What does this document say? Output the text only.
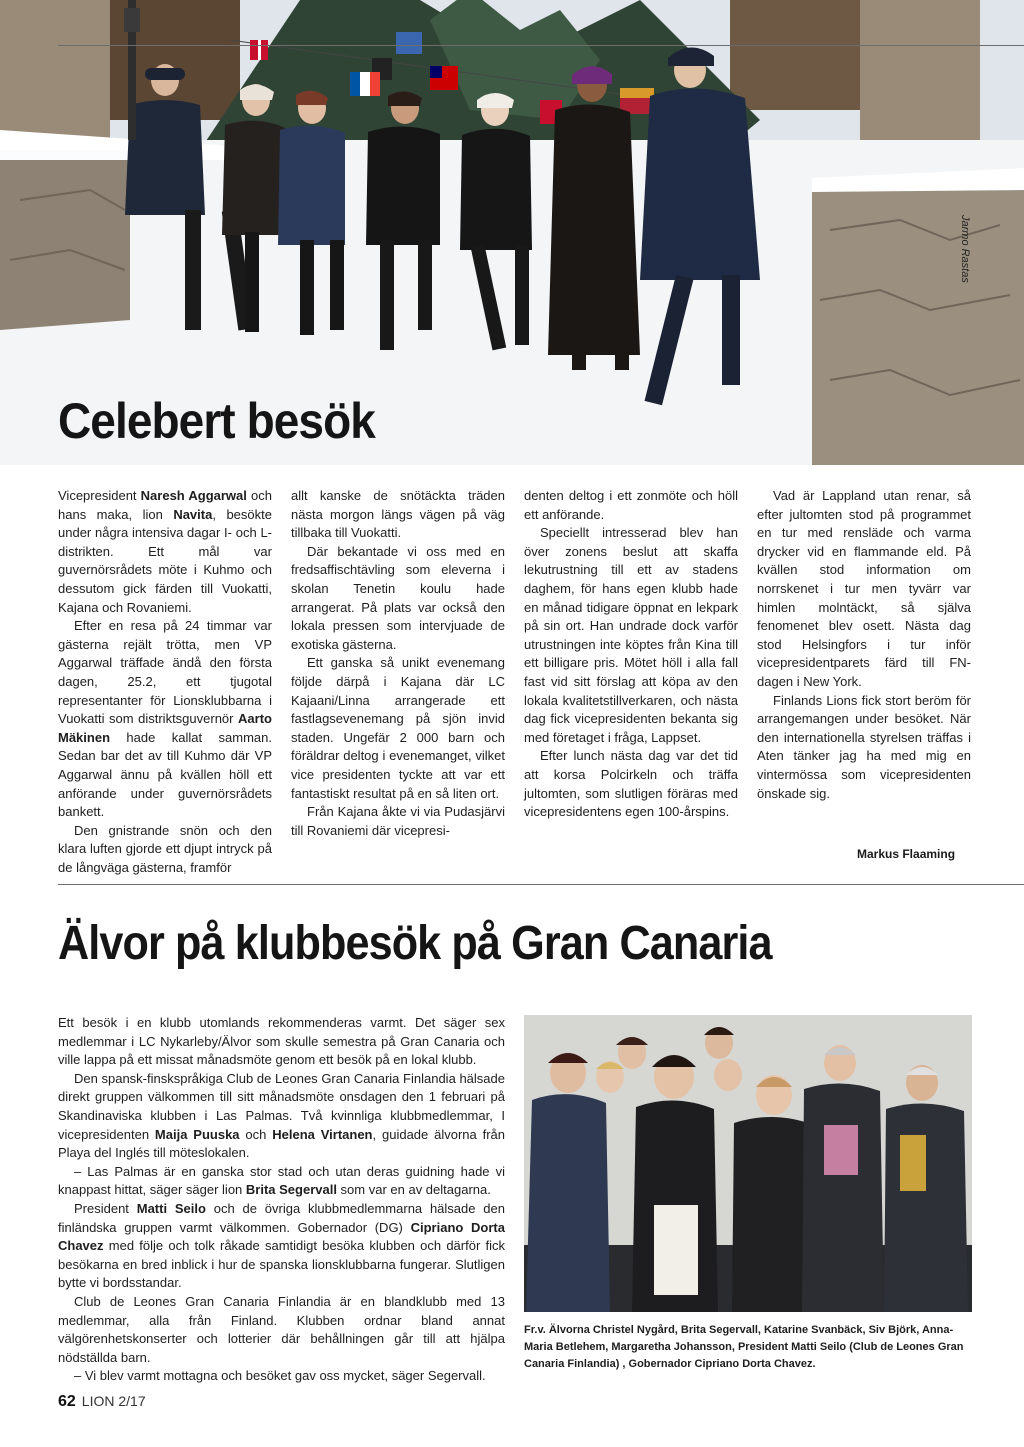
Jarmo Rastas
Celebert besök

Vicepresident Naresh Aggarwal och hans maka, lion Navita, besökte under några intensiva dagar I- och L-distrikten. Ett mål var guvernörsrådets möte i Kuhmo och dessutom gick färden till Vuokatti, Kajana och Rovaniemi.

Efter en resa på 24 timmar var gästerna rejält trötta, men VP Aggarwal träffade ändå den första dagen, 25.2, ett tjugotal representanter för Lionsklubbarna i Vuokatti som distriktsguvernör Aarto Mäkinen hade kallat samman. Sedan bar det av till Kuhmo där VP Aggarwal ännu på kvällen höll ett anförande under guvernörsrådets bankett.

Den gnistrande snön och den klara luften gjorde ett djupt intryck på de långväga gästerna, framför

allt kanske de snötäckta träden nästa morgon längs vägen på väg tillbaka till Vuokatti.

Där bekantade vi oss med en fredsaffischtävling som eleverna i skolan Tenetin koulu hade arrangerat. På plats var också den lokala pressen som intervjuade de exotiska gästerna.

Ett ganska så unikt evenemang följde därpå i Kajana där LC Kajaani/Linna arrangerade ett fastlagsevenemang på sjön invid staden. Ungefär 2 000 barn och föräldrar deltog i evenemanget, vilket vice presidenten tyckte att var ett fantastiskt resultat på en så liten ort.

Från Kajana åkte vi via Pudasjärvi till Rovaniemi där vicepresi-

denten deltog i ett zonmöte och höll ett anförande.

Speciellt intresserad blev han över zonens beslut att skaffa lekutrustning till ett av stadens daghem, för hans egen klubb hade en månad tidigare öppnat en lekpark på sin ort. Han undrade dock varför utrustningen inte köptes från Kina till ett billigare pris. Mötet höll i alla fall fast vid sitt förslag att köpa av den lokala kvalitetstillverkaren, och nästa dag fick vicepresidenten bekanta sig med företaget i fråga, Lappset.

Efter lunch nästa dag var det tid att korsa Polcirkeln och träffa jultomten, som slutligen föräras med vicepresidentens egen 100-årspins.

Vad är Lappland utan renar, så efter jultomten stod på programmet en tur med rensläde och varma drycker vid en flammande eld. På kvällen stod information om norrskenet i tur men tyvärr var himlen molntäckt, så själva fenomenet blev osett. Nästa dag stod Helsingfors i tur inför vicepresidentparets färd till FN-dagen i New York.

Finlands Lions fick stort beröm för arrangemangen under besöket. När den internationella styrelsen träffas i Aten tänker jag ha med mig en vintermössa som vicepresidenten önskade sig.

Markus Flaaming
Älvor på klubbesök på Gran Canaria

Ett besök i en klubb utomlands rekommenderas varmt. Det säger sex medlemmar i LC Nykarleby/Älvor som skulle semestra på Gran Canaria och ville lappa på ett missat månadsmöte genom ett besök på en lokal klubb.

Den spansk-finskspråkiga Club de Leones Gran Canaria Finlandia hälsade direkt gruppen välkommen till sitt månadsmöte onsdagen den 1 februari på Skandinaviska klubben i Las Palmas. Två kvinnliga klubbmedlemmar, I vicepresidenten Maija Puuska och Helena Virtanen, guidade älvorna från Playa del Inglés till möteslokalen.

– Las Palmas är en ganska stor stad och utan deras guidning hade vi knappast hittat, säger säger lion Brita Segervall som var en av deltagarna.

President Matti Seilo och de övriga klubbmedlemmarna hälsade den finländska gruppen varmt välkommen. Gobernador (DG) Cipriano Dorta Chavez med följe och tolk råkade samtidigt besöka klubben och därför fick besökarna en bred inblick i hur de spanska lionsklubbarna fungerar. Slutligen bytte vi bordsstandar.

Club de Leones Gran Canaria Finlandia är en blandklubb med 13 medlemmar, alla från Finland. Klubben ordnar bland annat välgörenhetskonserter och lotterier där behållningen går till att hjälpa nödställda barn.

– Vi blev varmt mottagna och besöket gav oss mycket, säger Segervall.

Fr.v. Älvorna Christel Nygård, Brita Segervall, Katarine Svanbäck, Siv Björk, Anna-Maria Betlehem, Margaretha Johansson, President Matti Seilo (Club de Leones Gran Canaria Finlandia) , Gobernador Cipriano Dorta Chavez.
62 LION 2/17
